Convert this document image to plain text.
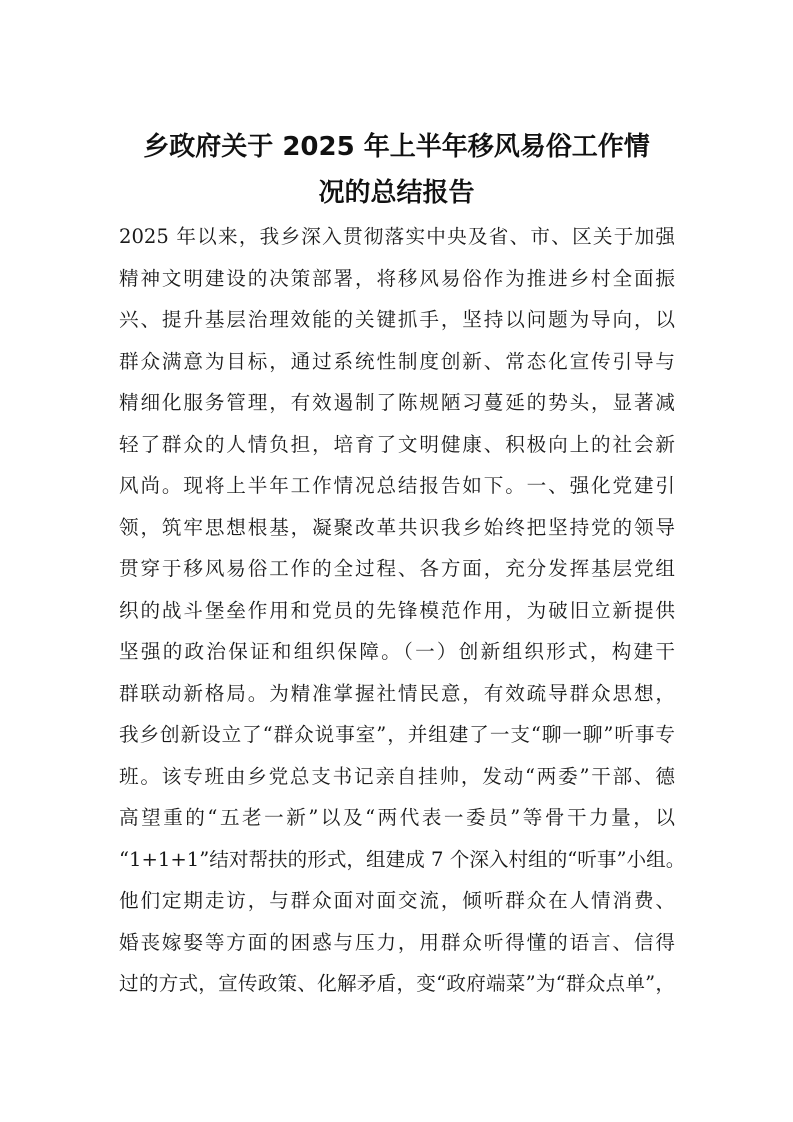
乡政府关于 2025 年上半年移风易俗工作情
况的总结报告
2025 年以来，我乡深入贯彻落实中央及省、市、区关于加强
精神文明建设的决策部署，将移风易俗作为推进乡村全面振
兴、提升基层治理效能的关键抓手，坚持以问题为导向，以
群众满意为目标，通过系统性制度创新、常态化宣传引导与
精细化服务管理，有效遏制了陈规陋习蔓延的势头，显著减
轻了群众的人情负担，培育了文明健康、积极向上的社会新
风尚。现将上半年工作情况总结报告如下。一、强化党建引
领，筑牢思想根基，凝聚改革共识我乡始终把坚持党的领导
贯穿于移风易俗工作的全过程、各方面，充分发挥基层党组
织的战斗堡垒作用和党员的先锋模范作用，为破旧立新提供
坚强的政治保证和组织保障。（一）创新组织形式，构建干
群联动新格局。为精准掌握社情民意，有效疏导群众思想，
我乡创新设立了“群众说事室”，并组建了一支“聊一聊”听事专
班。该专班由乡党总支书记亲自挂帅，发动“两委”干部、德
高望重的“五老一新”以及“两代表一委员”等骨干力量，以
“1+1+1”结对帮扶的形式，组建成 7 个深入村组的“听事”小组。
他们定期走访，与群众面对面交流，倾听群众在人情消费、
婚丧嫁娶等方面的困惑与压力，用群众听得懂的语言、信得
过的方式，宣传政策、化解矛盾，变“政府端菜”为“群众点单”，
